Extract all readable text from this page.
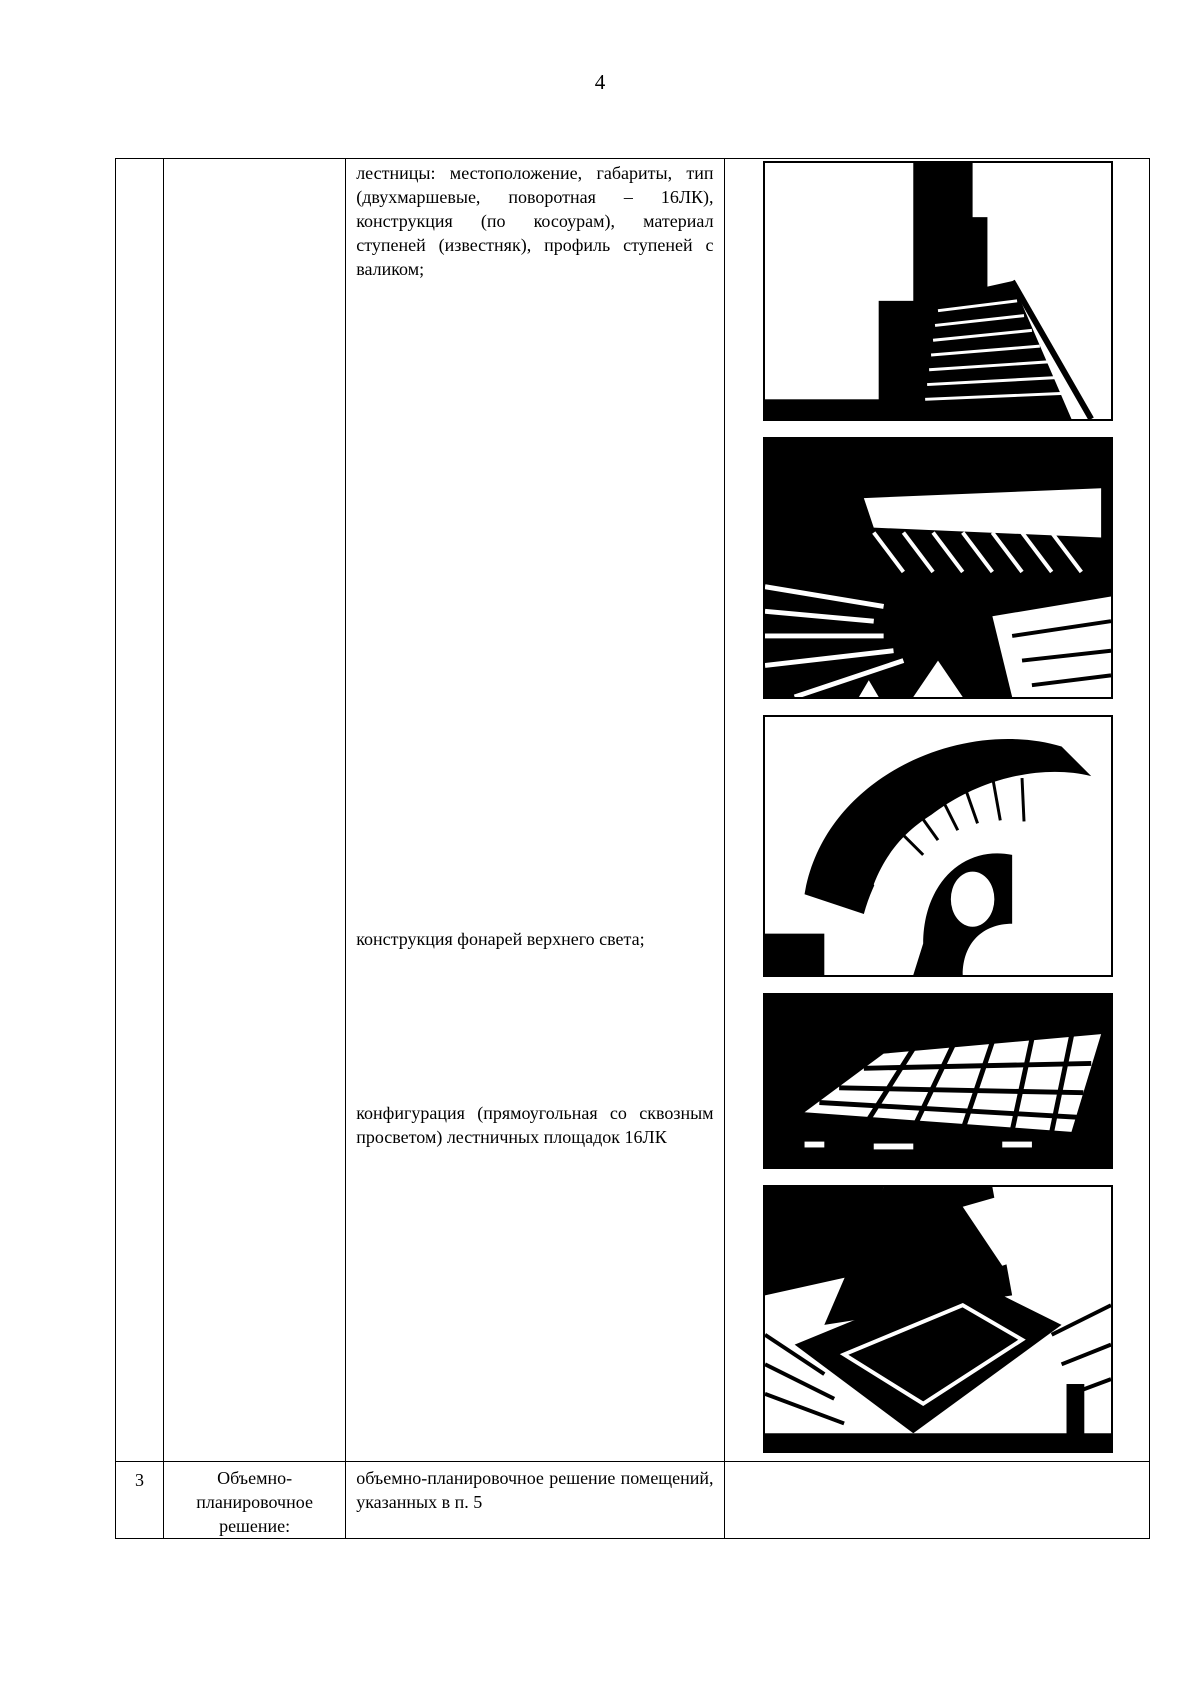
4

		лестницы: местоположение, габариты, тип (двухмаршевые, поворотная – 16ЛК), конструкция (по косоурам), материал ступеней (известняк), профиль ступеней с валиком;
конструкция фонарей верхнего света;
конфигурация (прямоугольная со сквозным просветом) лестничных площадок 16ЛК

3	Объемно-планировочное решение:	объемно-планировочное решение помещений, указанных в п. 5	
